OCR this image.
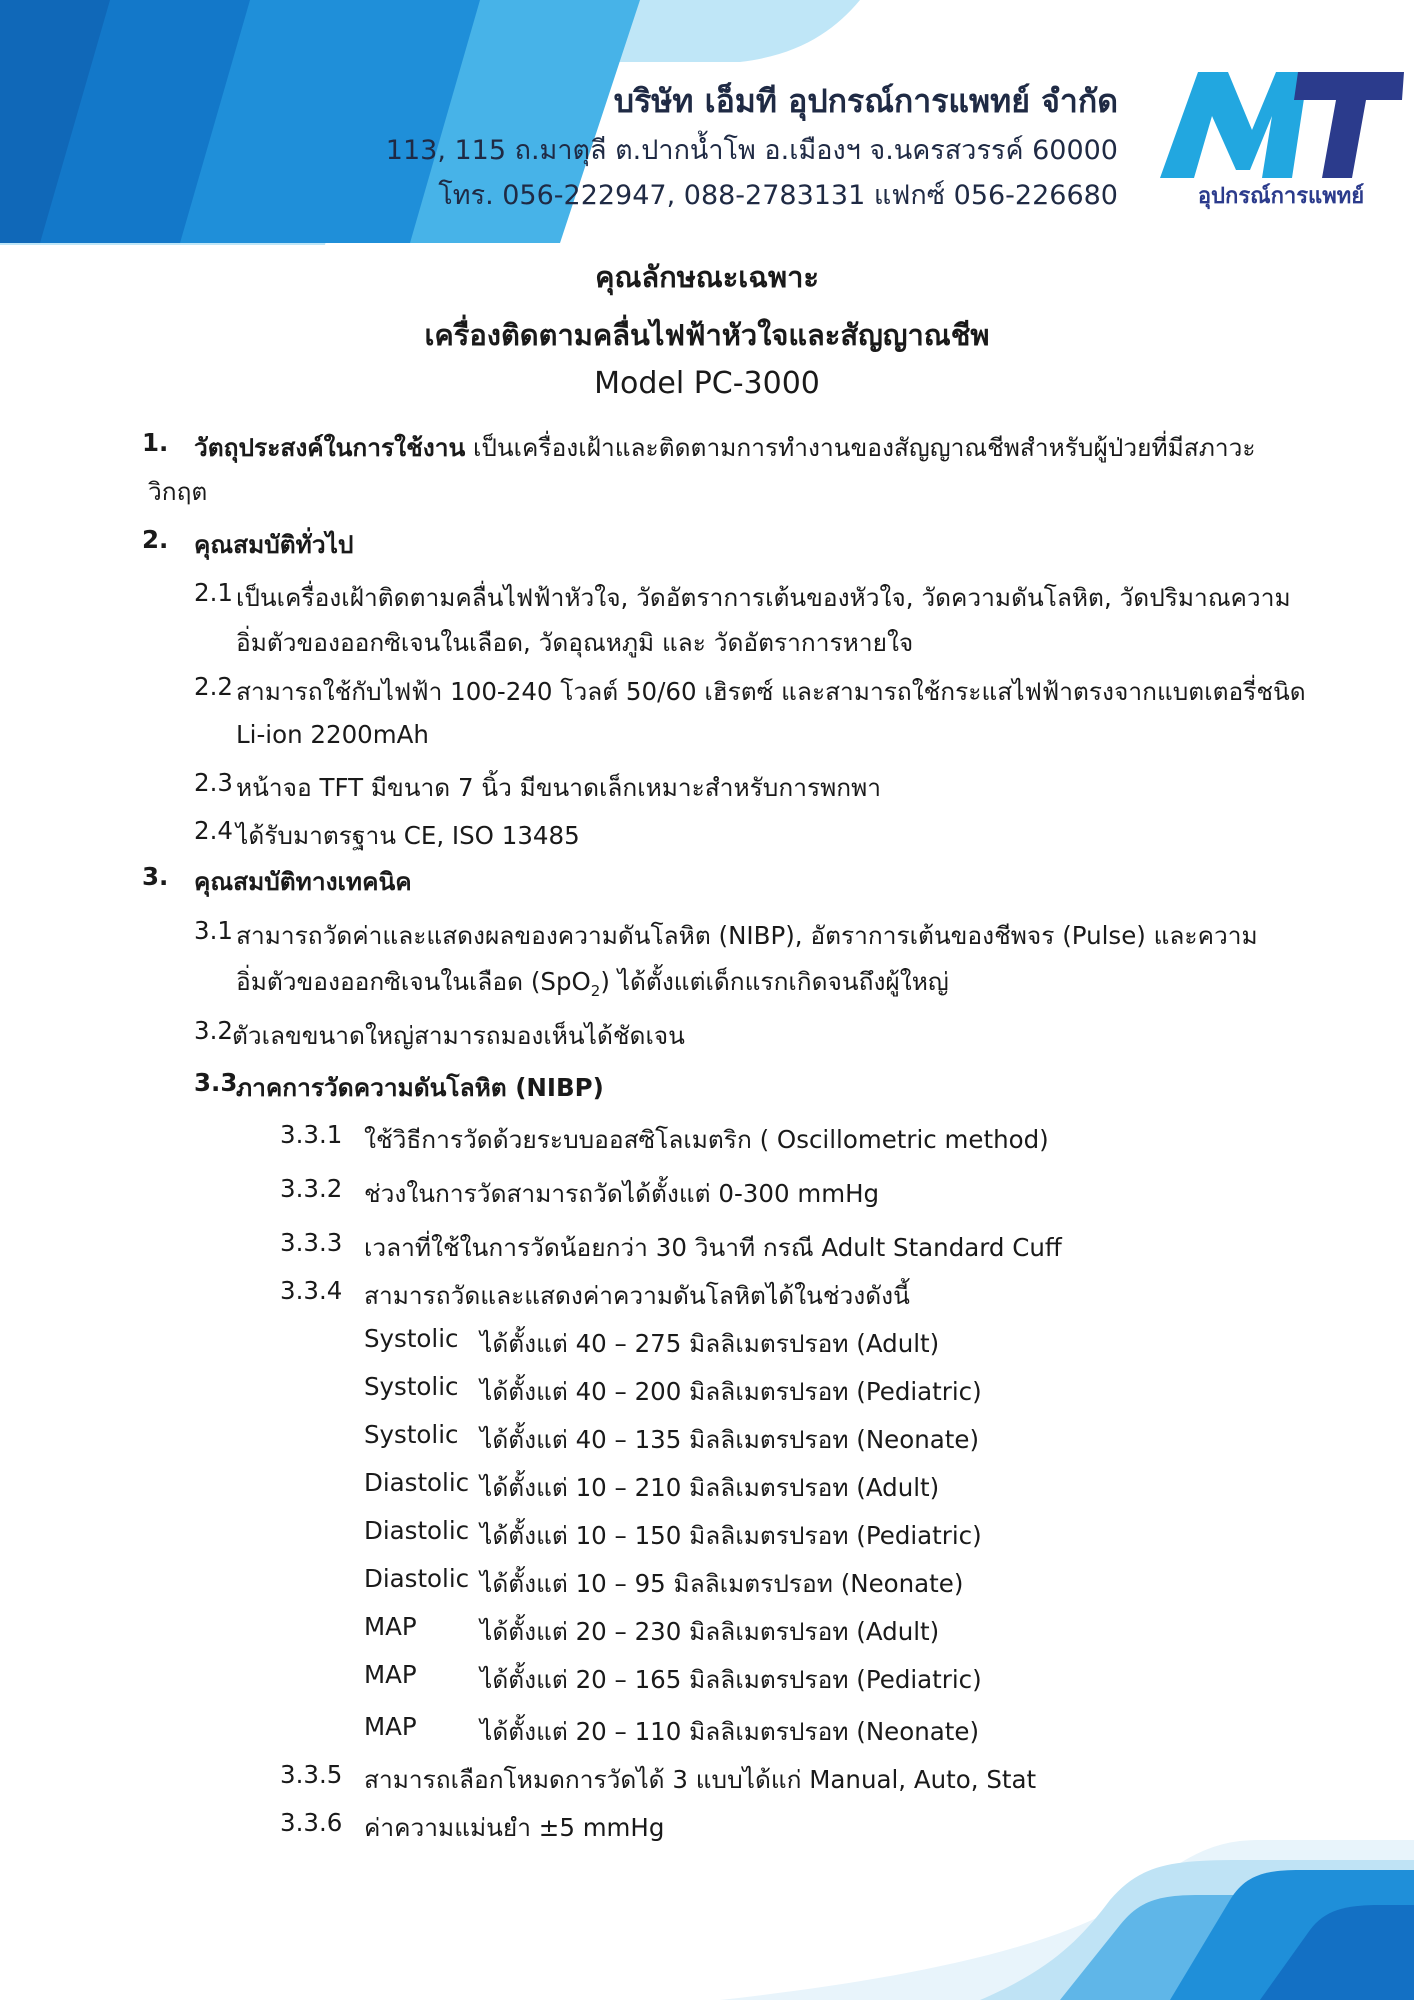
บริษัท เอ็มที อุปกรณ์การแพทย์ จำกัด
113, 115 ถ.มาตุลี ต.ปากน้ำโพ อ.เมืองฯ จ.นครสวรรค์ 60000
โทร. 056-222947, 088-2783131 แฟกซ์ 056-226680	อุปกรณ์การแพทย์
คุณลักษณะเฉพาะ
เครื่องติดตามคลื่นไฟฟ้าหัวใจและสัญญาณชีพ
Model PC-3000
1. วัตถุประสงค์ในการใช้งาน เป็นเครื่องเฝ้าและติดตามการทำงานของสัญญาณชีพสำหรับผู้ป่วยที่มีสภาวะ
วิกฤต
2. คุณสมบัติทั่วไป
2.1 เป็นเครื่องเฝ้าติดตามคลื่นไฟฟ้าหัวใจ, วัดอัตราการเต้นของหัวใจ, วัดความดันโลหิต, วัดปริมาณความ
อิ่มตัวของออกซิเจนในเลือด, วัดอุณหภูมิ และ วัดอัตราการหายใจ
2.2 สามารถใช้กับไฟฟ้า 100-240 โวลต์ 50/60 เฮิรตซ์ และสามารถใช้กระแสไฟฟ้าตรงจากแบตเตอรี่ชนิด
Li-ion 2200mAh
2.3 หน้าจอ TFT มีขนาด 7 นิ้ว มีขนาดเล็กเหมาะสำหรับการพกพา
2.4 ได้รับมาตรฐาน CE, ISO 13485
3. คุณสมบัติทางเทคนิค
3.1 สามารถวัดค่าและแสดงผลของความดันโลหิต (NIBP), อัตราการเต้นของชีพจร (Pulse) และความ
อิ่มตัวของออกซิเจนในเลือด (SpO$_2$) ได้ตั้งแต่เด็กแรกเกิดจนถึงผู้ใหญ่
3.2 ตัวเลขขนาดใหญ่สามารถมองเห็นได้ชัดเจน
3.3
ภาคการวัดความดันโลหิต (NIBP)
3.3.1 ใช้วิธีการวัดด้วยระบบออสซิโลเมตริก ( Oscillometric method)
3.3.2 ช่วงในการวัดสามารถวัดได้ตั้งแต่ 0-300 mmHg
3.3.3 เวลาที่ใช้ในการวัดน้อยกว่า 30 วินาที กรณี Adult Standard Cuff
3.3.4 สามารถวัดและแสดงค่าความดันโลหิตได้ในช่วงดังนี้
Systolic ได้ตั้งแต่ 40 – 275 มิลลิเมตรปรอท (Adult)
Systolic ได้ตั้งแต่ 40 – 200 มิลลิเมตรปรอท (Pediatric)
Systolic ได้ตั้งแต่ 40 – 135 มิลลิเมตรปรอท (Neonate)
Diastolic ได้ตั้งแต่ 10 – 210 มิลลิเมตรปรอท (Adult)
Diastolic ได้ตั้งแต่ 10 – 150 มิลลิเมตรปรอท (Pediatric)
Diastolic ได้ตั้งแต่ 10 – 95 มิลลิเมตรปรอท (Neonate)
MAP	ได้ตั้งแต่ 20 – 230 มิลลิเมตรปรอท (Adult)
MAP	ได้ตั้งแต่ 20 – 165 มิลลิเมตรปรอท (Pediatric)
MAP	ได้ตั้งแต่ 20 – 110 มิลลิเมตรปรอท (Neonate)
3.3.5 สามารถเลือกโหมดการวัดได้ 3 แบบได้แก่ Manual, Auto, Stat
3.3.6 ค่าความแม่นยำ ±5 mmHg
